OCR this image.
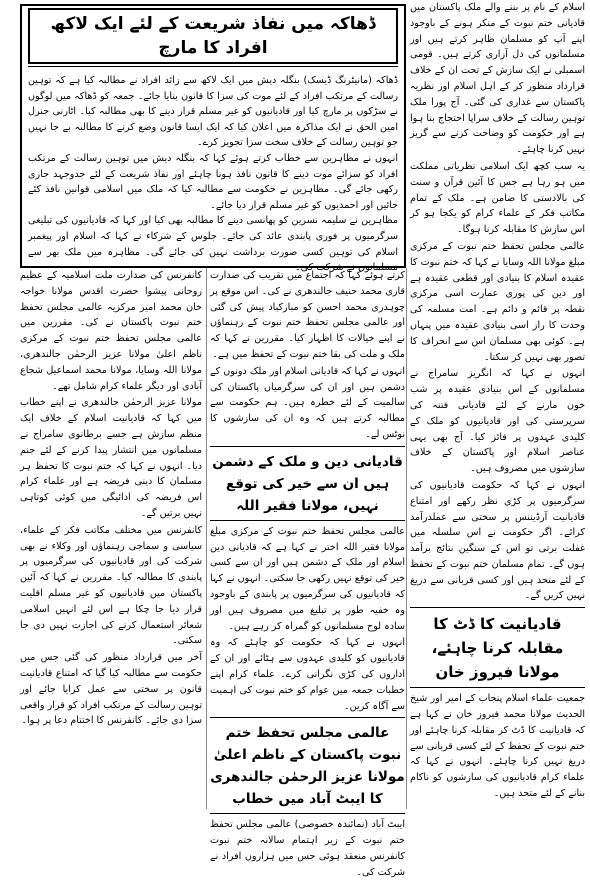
ڈھاکہ میں نفاذ شریعت کے لئے ایک لاکھ افراد کا مارچ

ڈھاکہ (مانیٹرنگ ڈیسک) بنگلہ دیش میں ایک لاکھ سے زائد افراد نے مطالبہ کیا ہے کہ توہین رسالت کے مرتکب افراد کے لئے موت کی سزا کا قانون بنایا جائے۔ جمعہ کو ڈھاکہ میں لوگوں نے سڑکوں پر مارچ کیا اور قادیانیوں کو غیر مسلم قرار دینے کا بھی مطالبہ کیا۔ اٹارنی جنرل امین الحق نے ایک مذاکرہ میں اعلان کیا کہ ایک ایسا قانون وضع کرنے کا مطالبہ بے جا نہیں جو توہین رسالت کے خلاف سخت سزا تجویز کرے۔

انہوں نے مظاہرین سے خطاب کرتے ہوئے کہا کہ بنگلہ دیش میں توہین رسالت کے مرتکب افراد کو سزائے موت دینے کا قانون نافذ ہونا چاہئے اور نفاذ شریعت کے لئے جدوجہد جاری رکھی جائے گی۔ مظاہرین نے حکومت سے مطالبہ کیا کہ ملک میں اسلامی قوانین نافذ کئے جائیں اور احمدیوں کو غیر مسلم قرار دیا جائے۔

مظاہرین نے سلیمہ نسرین کو پھانسی دینے کا مطالبہ بھی کیا اور کہا کہ قادیانیوں کی تبلیغی سرگرمیوں پر فوری پابندی عائد کی جائے۔ جلوس کے شرکاء نے کہا کہ اسلام اور پیغمبر اسلام کی توہین کسی صورت برداشت نہیں کی جائے گی۔ مظاہرہ میں ملک بھر سے مسلمانوں نے شرکت کی۔

اسلام کے نام پر بننے والے ملک پاکستان میں قادیانی ختم نبوت کے منکر ہونے کے باوجود اپنے آپ کو مسلمان ظاہر کرتے ہیں اور مسلمانوں کی دل آزاری کرتے ہیں۔ قومی اسمبلی نے ایک سازش کے تحت ان کے خلاف قرارداد منظور کر کے اہل اسلام اور نظریہ پاکستان سے غداری کی گئی۔ آج پورا ملک توہین رسالت کے خلاف سراپا احتجاج بنا ہوا ہے اور حکومت کو وضاحت کرنے سے گریز نہیں کرنا چاہئے۔

یہ سب کچھ ایک اسلامی نظریاتی مملکت میں ہو رہا ہے جس کا آئین قرآن و سنت کی بالادستی کا ضامن ہے۔ ملک کے تمام مکاتب فکر کے علماء کرام کو یکجا ہو کر اس سازش کا مقابلہ کرنا ہوگا۔

عالمی مجلس تحفظ ختم نبوت کے مرکزی مبلغ مولانا اللہ وسایا نے کہا کہ ختم نبوت کا عقیدہ اسلام کا بنیادی اور قطعی عقیدہ ہے اور دین کی پوری عمارت اسی مرکزی نقطہ پر قائم و دائم ہے۔ امت مسلمہ کی وحدت کا راز اسی بنیادی عقیدہ میں پنہاں ہے۔ کوئی بھی مسلمان اس سے انحراف کا تصور بھی نہیں کر سکتا۔

انہوں نے کہا کہ انگریز سامراج نے مسلمانوں کے اس بنیادی عقیدہ پر شب خون مارنے کے لئے قادیانی فتنہ کی سرپرستی کی اور قادیانیوں کو ملک کے کلیدی عہدوں پر فائز کیا۔ آج بھی یہی عناصر اسلام اور پاکستان کے خلاف سازشوں میں مصروف ہیں۔

انہوں نے کہا کہ حکومت قادیانیوں کی سرگرمیوں پر کڑی نظر رکھے اور امتناع قادیانیت آرڈیننس پر سختی سے عملدرآمد کرائے۔ اگر حکومت نے اس سلسلہ میں غفلت برتی تو اس کے سنگین نتائج برآمد ہوں گے۔ تمام مسلمان ختم نبوت کے تحفظ کے لئے متحد ہیں اور کسی قربانی سے دریغ نہیں کریں گے۔

قادیانیت کا ڈٹ کا مقابلہ کرنا چاہئے، مولانا فیروز خان

جمعیت علماء اسلام پنجاب کے امیر اور شیخ الحدیث مولانا محمد فیروز خان نے کہا ہے کہ قادیانیت کا ڈٹ کر مقابلہ کرنا چاہئے اور ختم نبوت کے تحفظ کے لئے کسی قربانی سے دریغ نہیں کرنا چاہئے۔ انہوں نے کہا کہ علماء کرام قادیانیوں کی سازشوں کو ناکام بنانے کے لئے متحد ہیں۔

کرتے ہوئے کہا کہ اجتماع میں تقریب کی صدارت قاری محمد حنیف جالندھری نے کی۔ اس موقع پر چوہدری محمد احسن کو مبارکباد پیش کی گئی اور عالمی مجلس تحفظ ختم نبوت کے رہنماؤں نے اپنے خیالات کا اظہار کیا۔ مقررین نے کہا کہ ملک و ملت کی بقا ختم نبوت کے تحفظ میں ہے۔

انہوں نے کہا کہ قادیانی اسلام اور ملک دونوں کے دشمن ہیں اور ان کی سرگرمیاں پاکستان کی سالمیت کے لئے خطرہ ہیں۔ ہم حکومت سے مطالبہ کرتے ہیں کہ وہ ان کی سازشوں کا نوٹس لے۔

قادیانی دین و ملک کے دشمن ہیں ان سے خیر کی توقع نہیں، مولانا فقیر اللہ

عالمی مجلس تحفظ ختم نبوت کے مرکزی مبلغ مولانا فقیر اللہ اختر نے کہا ہے کہ قادیانی دین اسلام اور ملک کے دشمن ہیں اور ان سے کسی خیر کی توقع نہیں رکھی جا سکتی۔ انہوں نے کہا کہ قادیانیوں کی سرگرمیوں پر پابندی کے باوجود وہ خفیہ طور پر تبلیغ میں مصروف ہیں اور سادہ لوح مسلمانوں کو گمراہ کر رہے ہیں۔

انہوں نے کہا کہ حکومت کو چاہئے کہ وہ قادیانیوں کو کلیدی عہدوں سے ہٹائے اور ان کے اداروں کی کڑی نگرانی کرے۔ علماء کرام اپنے خطبات جمعہ میں عوام کو ختم نبوت کی اہمیت سے آگاہ کریں۔

عالمی مجلس تحفظ ختم نبوت پاکستان کے ناظم اعلیٰ مولانا عزیز الرحمٰن جالندھری کا ایبٹ آباد میں خطاب

ایبٹ آباد (نمائندہ خصوصی) عالمی مجلس تحفظ ختم نبوت کے زیر اہتمام سالانہ ختم نبوت کانفرنس منعقد ہوئی جس میں ہزاروں افراد نے شرکت کی۔

کانفرنس کی صدارت ملت اسلامیہ کے عظیم روحانی پیشوا حضرت اقدس مولانا خواجہ خان محمد امیر مرکزیہ عالمی مجلس تحفظ ختم نبوت پاکستان نے کی۔ مقررین میں عالمی مجلس تحفظ ختم نبوت کے مرکزی ناظم اعلیٰ مولانا عزیز الرحمٰن جالندھری، مولانا اللہ وسایا، مولانا محمد اسماعیل شجاع آبادی اور دیگر علماء کرام شامل تھے۔

مولانا عزیز الرحمٰن جالندھری نے اپنے خطاب میں کہا کہ قادیانیت اسلام کے خلاف ایک منظم سازش ہے جسے برطانوی سامراج نے مسلمانوں میں انتشار پیدا کرنے کے لئے جنم دیا۔ انہوں نے کہا کہ ختم نبوت کا تحفظ ہر مسلمان کا دینی فریضہ ہے اور علماء کرام اس فریضہ کی ادائیگی میں کوئی کوتاہی نہیں برتیں گے۔

کانفرنس میں مختلف مکاتب فکر کے علماء، سیاسی و سماجی رہنماؤں اور وکلاء نے بھی شرکت کی اور قادیانیوں کی سرگرمیوں پر پابندی کا مطالبہ کیا۔ مقررین نے کہا کہ آئین پاکستان میں قادیانیوں کو غیر مسلم اقلیت قرار دیا جا چکا ہے اس لئے انہیں اسلامی شعائر استعمال کرنے کی اجازت نہیں دی جا سکتی۔

آخر میں قرارداد منظور کی گئی جس میں حکومت سے مطالبہ کیا گیا کہ امتناع قادیانیت قانون پر سختی سے عمل کرایا جائے اور توہین رسالت کے مرتکب افراد کو قرار واقعی سزا دی جائے۔ کانفرنس کا اختتام دعا پر ہوا۔
